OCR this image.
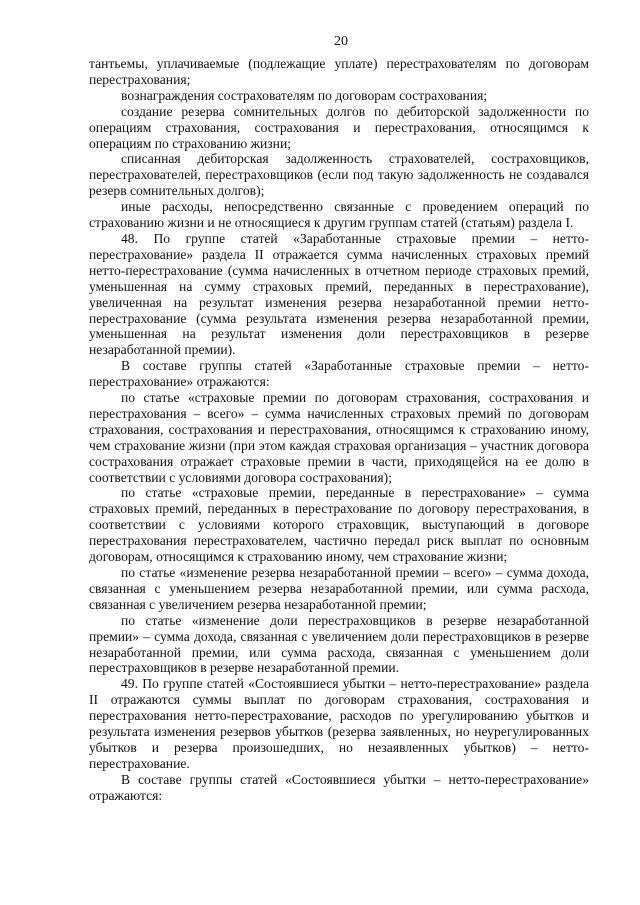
20

тантьемы, уплачиваемые (подлежащие уплате) перестрахователям по договорам перестрахования;

вознаграждения сострахователям по договорам сострахования;

создание резерва сомнительных долгов по дебиторской задолженности по операциям страхования, сострахования и перестрахования, относящимся к операциям по страхованию жизни;

списанная дебиторская задолженность страхователей, состраховщиков, перестрахователей, перестраховщиков (если под такую задолженность не создавался резерв сомнительных долгов);

иные расходы, непосредственно связанные с проведением операций по страхованию жизни и не относящиеся к другим группам статей (статьям) раздела I.

48. По группе статей «Заработанные страховые премии – нетто-перестрахование» раздела II отражается сумма начисленных страховых премий нетто-перестрахование (сумма начисленных в отчетном периоде страховых премий, уменьшенная на сумму страховых премий, переданных в перестрахование), увеличенная на результат изменения резерва незаработанной премии нетто-перестрахование (сумма результата изменения резерва незаработанной премии, уменьшенная на результат изменения доли перестраховщиков в резерве незаработанной премии).

В составе группы статей «Заработанные страховые премии – нетто-перестрахование» отражаются:

по статье «страховые премии по договорам страхования, сострахования и перестрахования – всего» – сумма начисленных страховых премий по договорам страхования, сострахования и перестрахования, относящимся к страхованию иному, чем страхование жизни (при этом каждая страховая организация – участник договора сострахования отражает страховые премии в части, приходящейся на ее долю в соответствии с условиями договора сострахования);

по статье «страховые премии, переданные в перестрахование» – сумма страховых премий, переданных в перестрахование по договору перестрахования, в соответствии с условиями которого страховщик, выступающий в договоре перестрахования перестрахователем, частично передал риск выплат по основным договорам, относящимся к страхованию иному, чем страхование жизни;

по статье «изменение резерва незаработанной премии – всего» – сумма дохода, связанная с уменьшением резерва незаработанной премии, или сумма расхода, связанная с увеличением резерва незаработанной премии;

по статье «изменение доли перестраховщиков в резерве незаработанной премии» – сумма дохода, связанная с увеличением доли перестраховщиков в резерве незаработанной премии, или сумма расхода, связанная с уменьшением доли перестраховщиков в резерве незаработанной премии.

49. По группе статей «Состоявшиеся убытки – нетто-перестрахование» раздела II отражаются суммы выплат по договорам страхования, сострахования и перестрахования нетто-перестрахование, расходов по урегулированию убытков и результата изменения резервов убытков (резерва заявленных, но неурегулированных убытков и резерва произошедших, но незаявленных убытков) – нетто-перестрахование.

В составе группы статей «Состоявшиеся убытки – нетто-перестрахование» отражаются:
